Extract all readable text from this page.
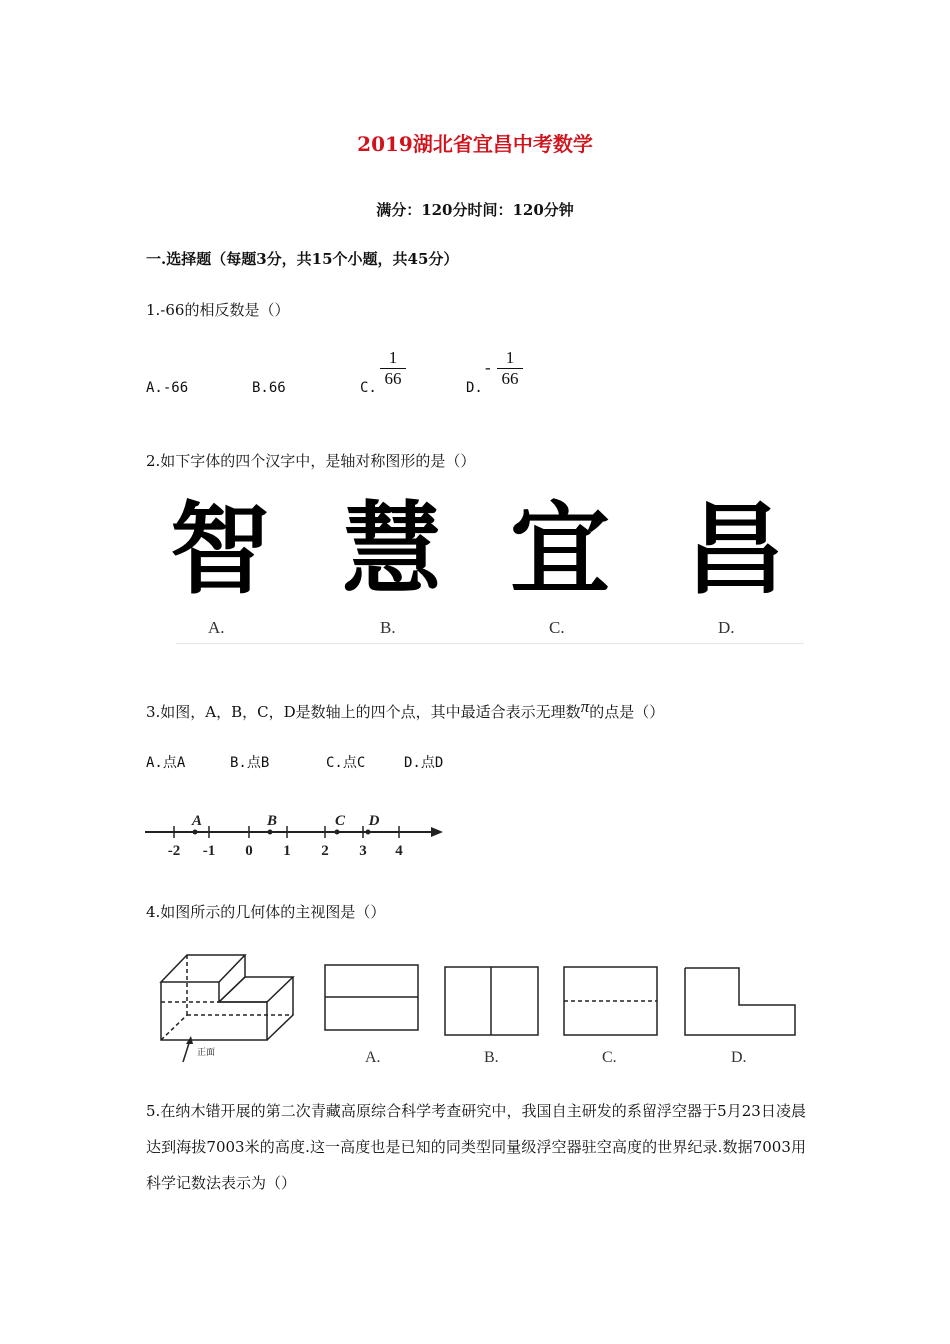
2019湖北省宜昌中考数学
满分：120分时间：120分钟
一.选择题（每题3分，共15个小题，共45分）
1.-66的相反数是（）
A.-66	B.66	C.
1
66	D.
-
1
66
2.如下字体的四个汉字中，是轴对称图形的是（）
智 慧 宜 昌
A.	B.	C.	D.
3.如图，A，B，C，D是数轴上的四个点，其中最适合表示无理数π的点是（）
A.点A	B.点B	C.点C	D.点D
-2 -1 0 1 2 3 4
A	B	C D
4.如图所示的几何体的主视图是（）
正面	A.	B.	C.	D.
5.在纳木错开展的第二次青藏高原综合科学考查研究中，我国自主研发的系留浮空器于5月23日凌晨达到海拔7003米的高度.这一高度也是已知的同类型同量级浮空器驻空高度的世界纪录.数据7003用科学记数法表示为（）
